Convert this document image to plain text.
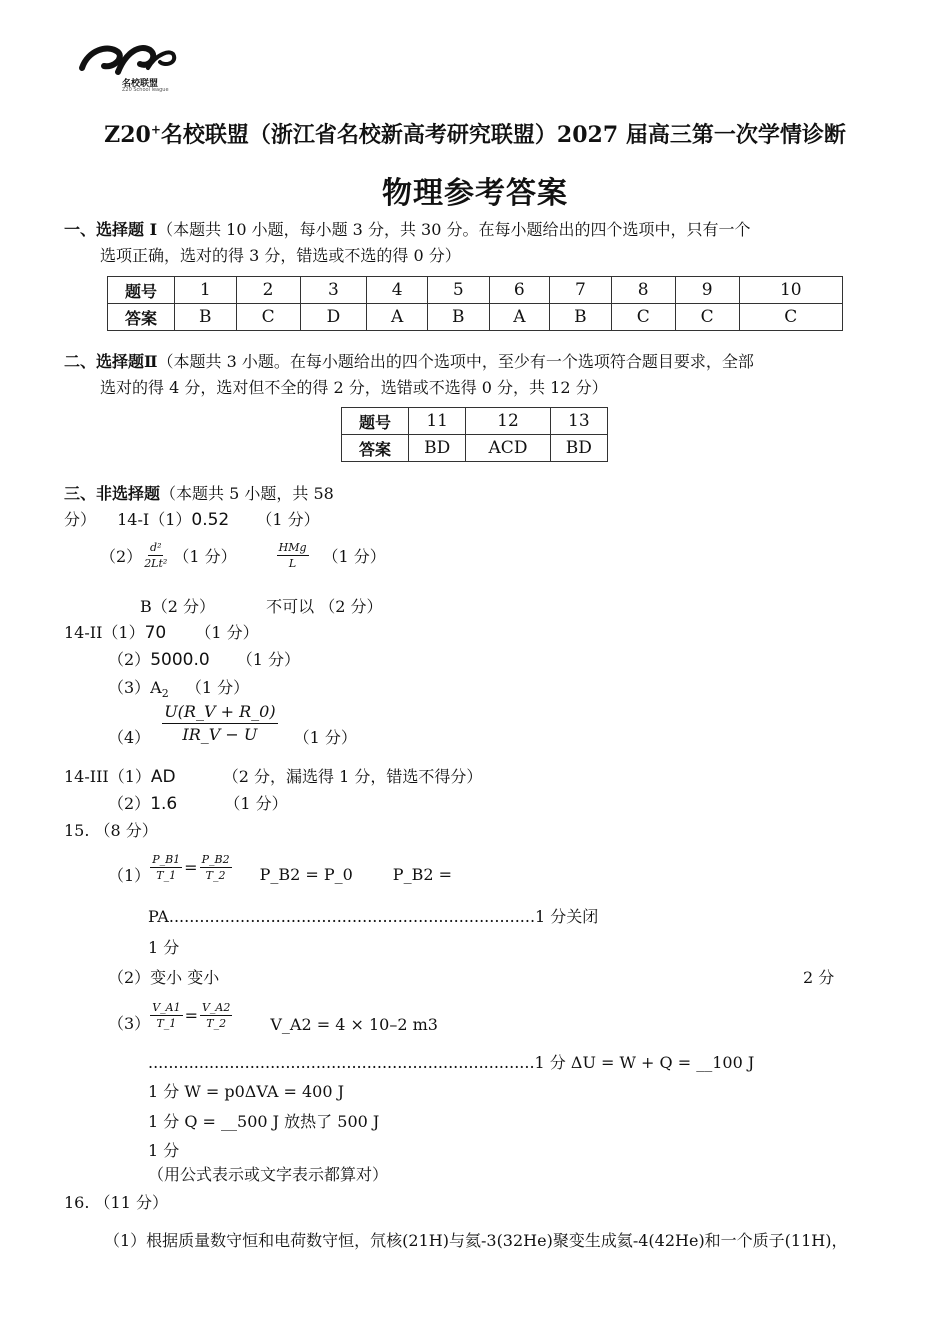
名校联盟
Z20 School league
Z20+名校联盟（浙江省名校新高考研究联盟）2027 届高三第一次学情诊断
物理参考答案
一、选择题 Ⅰ（本题共 10 小题，每小题 3 分，共 30 分。在每小题给出的四个选项中，只有一个
选项正确，选对的得 3 分，错选或不选的得 0 分）
题号	1	2	3	4	5	6	7	8	9	10
答案	B	C	D	A	B	A	B	C	C	C
二、选择题Ⅱ（本题共 3 小题。在每小题给出的四个选项中，至少有一个选项符合题目要求，全部
选对的得 4 分，选对但不全的得 2 分，选错或不选得 0 分，共 12 分）
题号	11	12	13
答案	BD	ACD	BD
三、非选择题（本题共 5 小题，共 58
分） 14-I（1）0.52 （1 分）
$(2) \frac{\text{d²}}{\text{2Lt²}} (1$ 分）	$\frac{\text{HMg}}{L} (1$ 分）
B（2 分）	不可以 （2 分）
14-II（1）70 （1 分）
（2）5000.0 （1 分）
$(3)A_2$ （1 分）
$(4) \frac{U(R\_V + R\_0)}{IR\_V - U} (1$ 分）
14-III（1）AD	（2 分，漏选得 1 分，错选不得分）
（2）1.6	（1 分）
15. （8 分）
$(1) \frac{P\_B1}{T\_1} = \frac{P\_B2}{T\_2}$ P_B2 = P_0	P_B2 =
PA........................................................................1 分关闭
1 分
（2）变小 变小	2 分
$(3) \frac{V\_A1}{T\_1} = \frac{V\_A2}{T\_2}$ V_A2 = 4 × 10–2 m3
............................................................................1 分 ΔU = W + Q = __100 J
1 分 W = p0ΔVA = 400 J
1 分 Q = __500 J 放热了 500 J
1 分
（用公式表示或文字表示都算对）
16. （11 分）
（1）根据质量数守恒和电荷数守恒，氘核(21H)与氦-3(32He)聚变生成氦-4(42He)和一个质子(11H)，
